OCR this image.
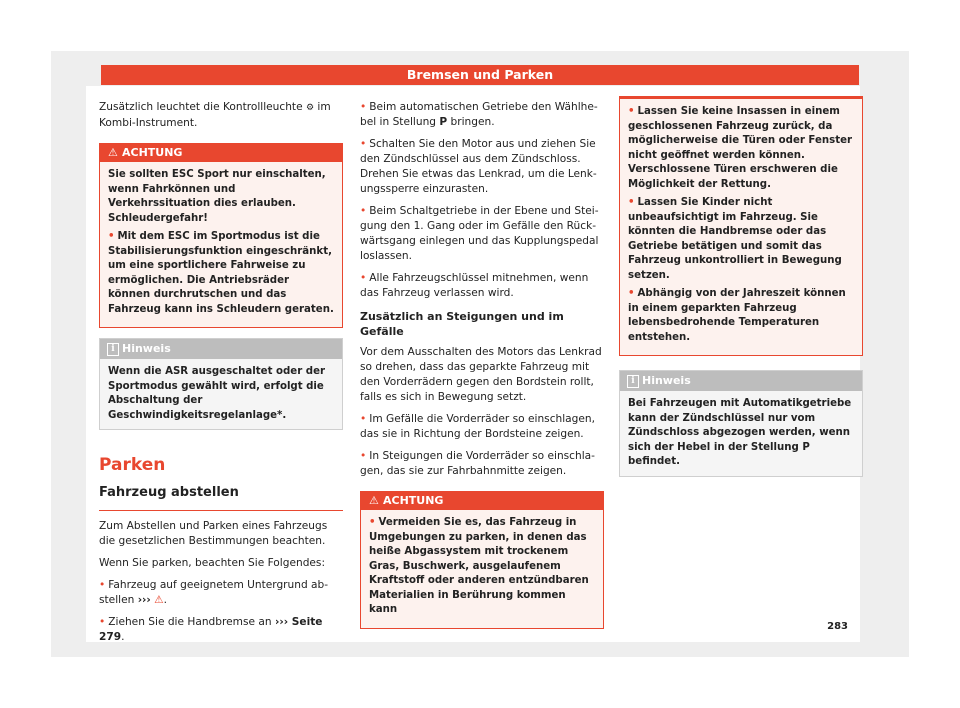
Bremsen und Parken

Zusätzlich leuchtet die Kontrollleuchte ⚙ im Kombi-Instrument.

⚠ ACHTUNG

Sie sollten ESC Sport nur einschalten, wenn Fahrkönnen und Verkehrssituation dies erlauben. Schleudergefahr!

• Mit dem ESC im Sportmodus ist die Stabilisierungsfunktion eingeschränkt, um eine sportlichere Fahrweise zu ermöglichen. Die Antriebsräder können durchrutschen und das Fahrzeug kann ins Schleudern geraten.

i Hinweis
Wenn die ASR ausgeschaltet oder der Sportmodus gewählt wird, erfolgt die Abschaltung der Geschwindigkeitsregelanlage*.
Parken
Fahrzeug abstellen

Zum Abstellen und Parken eines Fahrzeugs die gesetzlichen Bestimmungen beachten.

Wenn Sie parken, beachten Sie Folgendes:

• Fahrzeug auf geeignetem Untergrund abstellen ››› ⚠.

• Ziehen Sie die Handbremse an ››› Seite 279.

• Beim automatischen Getriebe den Wählhebel in Stellung P bringen.

• Schalten Sie den Motor aus und ziehen Sie den Zündschlüssel aus dem Zündschloss. Drehen Sie etwas das Lenkrad, um die Lenkungssperre einzurasten.

• Beim Schaltgetriebe in der Ebene und Steigung den 1. Gang oder im Gefälle den Rückwärtsgang einlegen und das Kupplungspedal loslassen.

• Alle Fahrzeugschlüssel mitnehmen, wenn das Fahrzeug verlassen wird.

Zusätzlich an Steigungen und im Gefälle

Vor dem Ausschalten des Motors das Lenkrad so drehen, dass das geparkte Fahrzeug mit den Vorderrädern gegen den Bordstein rollt, falls es sich in Bewegung setzt.

• Im Gefälle die Vorderräder so einschlagen, das sie in Richtung der Bordsteine zeigen.

• In Steigungen die Vorderräder so einschlagen, das sie zur Fahrbahnmitte zeigen.

⚠ ACHTUNG

• Vermeiden Sie es, das Fahrzeug in Umgebungen zu parken, in denen das heiße Abgassystem mit trockenem Gras, Buschwerk, ausgelaufenem Kraftstoff oder anderen entzündbaren Materialien in Berührung kommen kann

• Lassen Sie keine Insassen in einem geschlossenen Fahrzeug zurück, da möglicherweise die Türen oder Fenster nicht geöffnet werden können. Verschlossene Türen erschweren die Möglichkeit der Rettung.

• Lassen Sie Kinder nicht unbeaufsichtigt im Fahrzeug. Sie könnten die Handbremse oder das Getriebe betätigen und somit das Fahrzeug unkontrolliert in Bewegung setzen.

• Abhängig von der Jahreszeit können in einem geparkten Fahrzeug lebensbedrohende Temperaturen entstehen.

i Hinweis
Bei Fahrzeugen mit Automatikgetriebe kann der Zündschlüssel nur vom Zündschloss abgezogen werden, wenn sich der Hebel in der Stellung P befindet.
283
